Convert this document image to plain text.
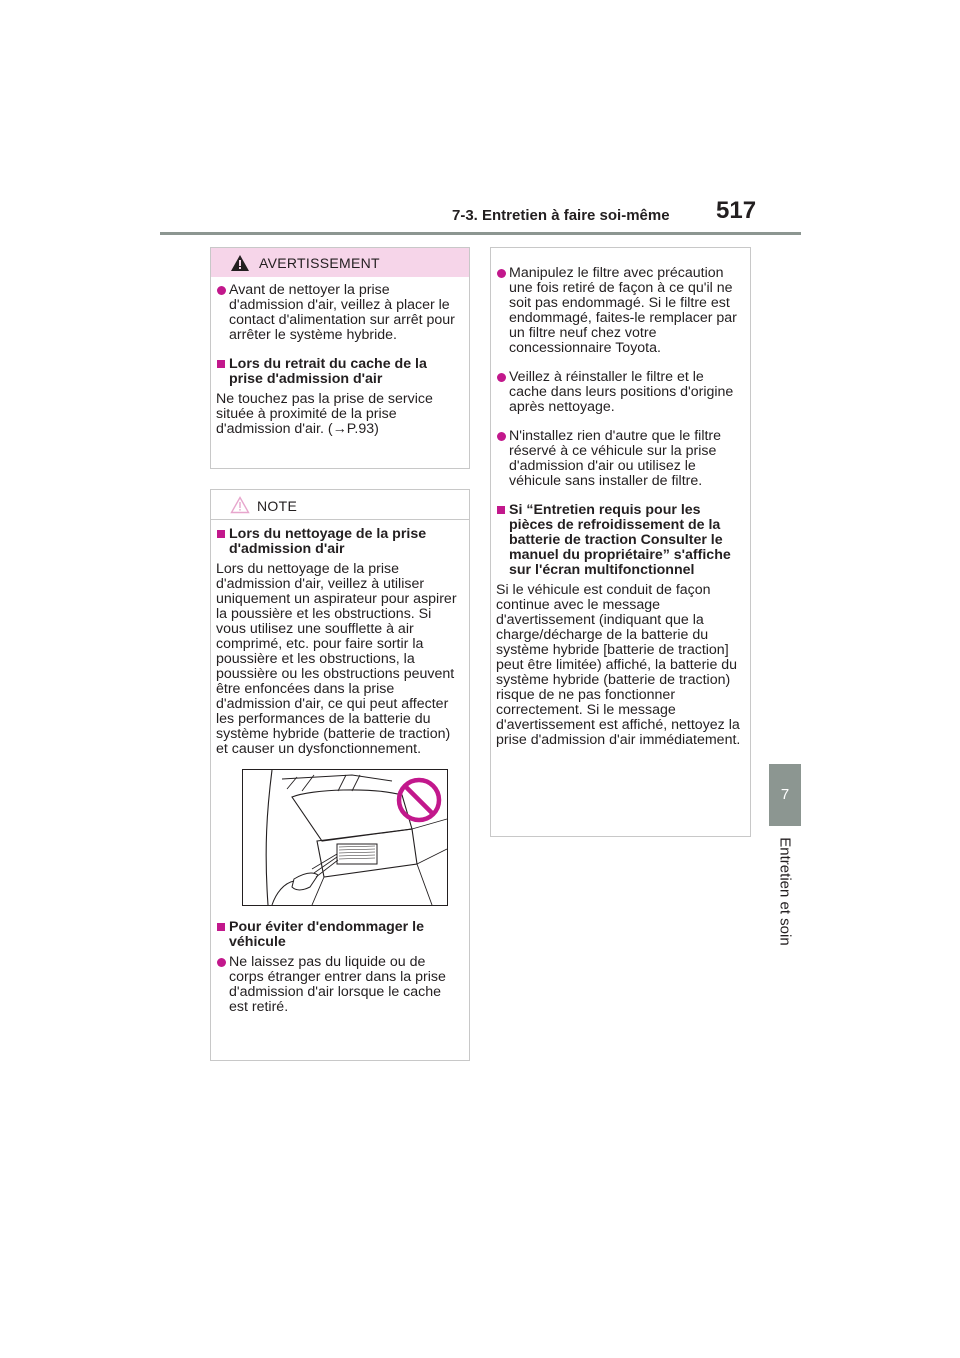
7-3. Entretien à faire soi-même 517
7
Entretien et soin
AVERTISSEMENT

Avant de nettoyer la prise d'admission d'air, veillez à placer le contact d'alimentation sur arrêt pour arrêter le système hybride.

Lors du retrait du cache de la prise d'admission d'air

Ne touchez pas la prise de service située à proximité de la prise d'admission d'air. (→P.93)

NOTE

Lors du nettoyage de la prise d'admission d'air

Lors du nettoyage de la prise d'admission d'air, veillez à utiliser uniquement un aspirateur pour aspirer la poussière et les obstructions. Si vous utilisez une soufflette à air comprimé, etc. pour faire sortir la poussière et les obstructions, la poussière ou les obstructions peuvent être enfoncées dans la prise d'admission d'air, ce qui peut affecter les performances de la batterie du système hybride (batterie de traction) et causer un dysfonctionnement.

Pour éviter d'endommager le véhicule

Ne laissez pas du liquide ou de corps étranger entrer dans la prise d'admission d'air lorsque le cache est retiré.

Manipulez le filtre avec précaution une fois retiré de façon à ce qu'il ne soit pas endommagé. Si le filtre est endommagé, faites-le remplacer par un filtre neuf chez votre concessionnaire Toyota.

Veillez à réinstaller le filtre et le cache dans leurs positions d'origine après nettoyage.

N'installez rien d'autre que le filtre réservé à ce véhicule sur la prise d'admission d'air ou utilisez le véhicule sans installer de filtre.

Si “Entretien requis pour les pièces de refroidissement de la batterie de traction Consulter le manuel du propriétaire” s'affiche sur l'écran multifonctionnel

Si le véhicule est conduit de façon continue avec le message d'avertissement (indiquant que la charge/décharge de la batterie du système hybride [batterie de traction] peut être limitée) affiché, la batterie du système hybride (batterie de traction) risque de ne pas fonctionner correctement. Si le message d'avertissement est affiché, nettoyez la prise d'admission d'air immédiatement.
